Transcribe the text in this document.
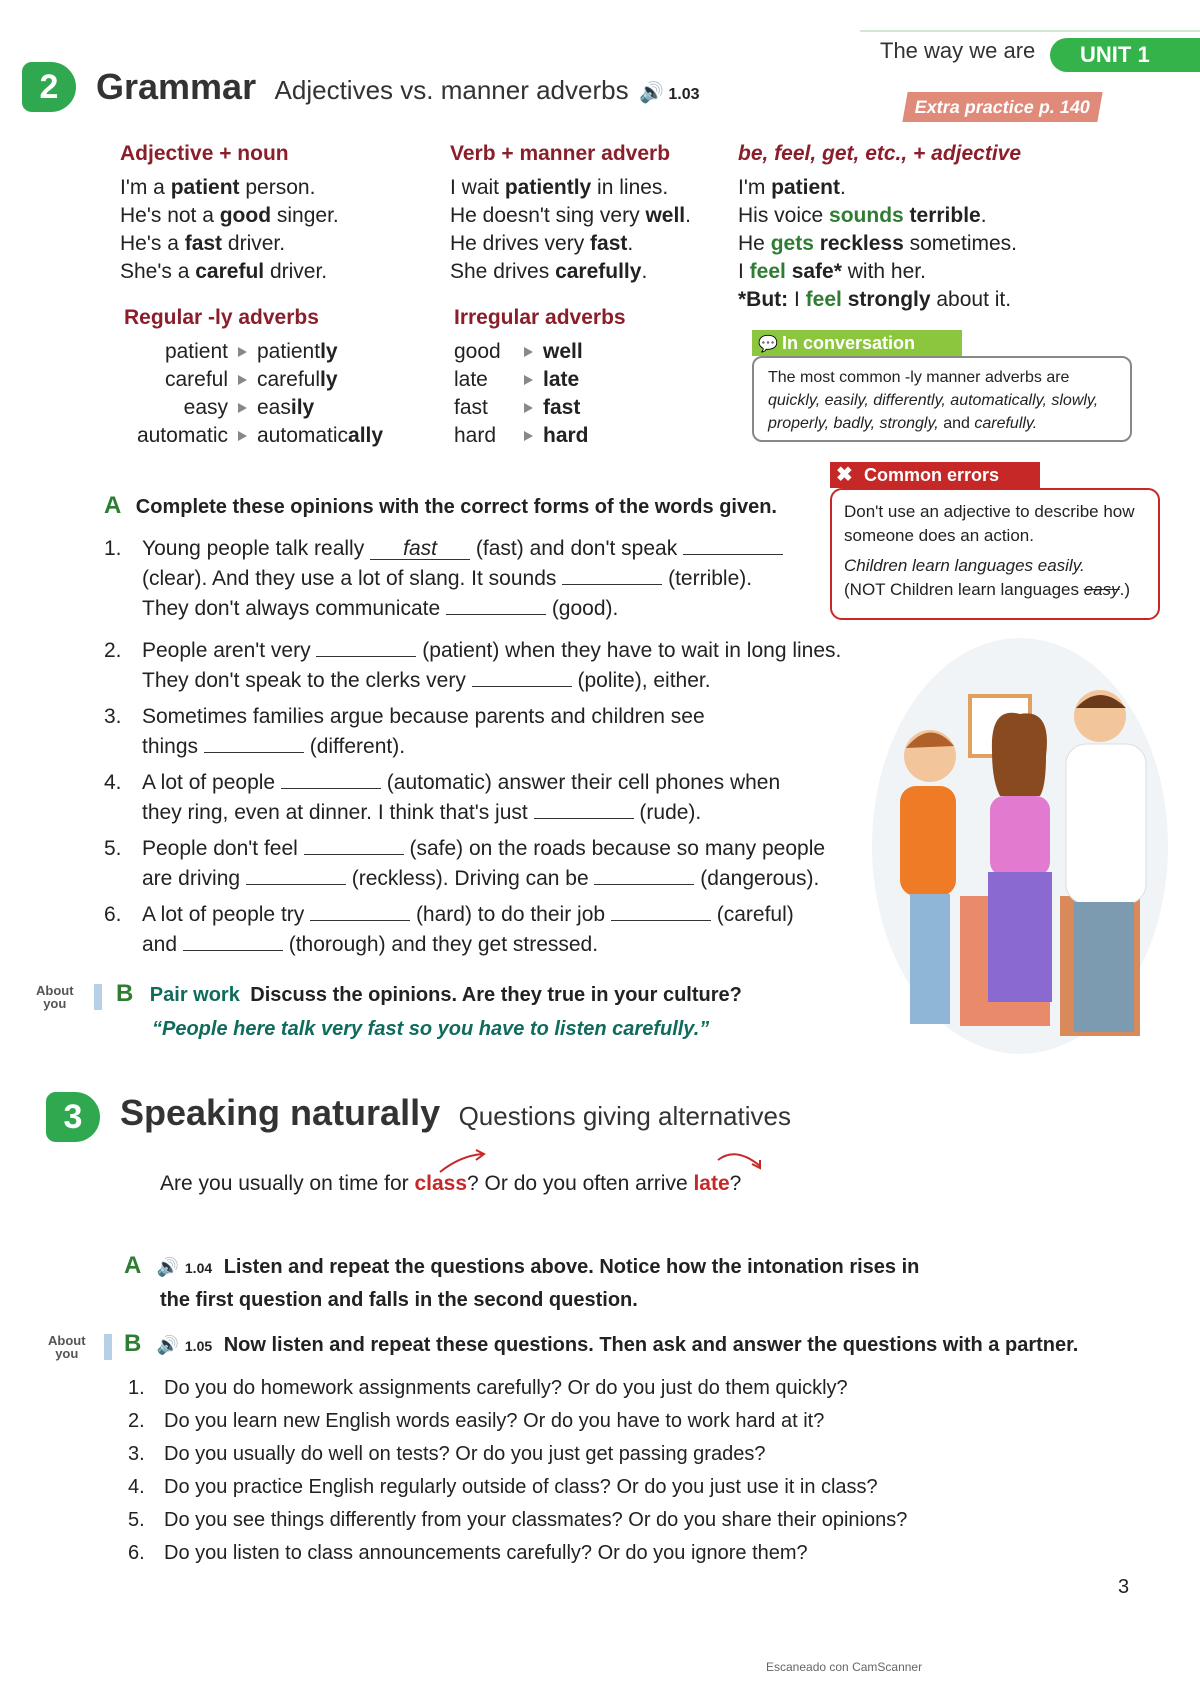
The way we are	UNIT 1
Extra practice p. 140
2	Grammar Adjectives vs. manner adverbs 🔊 1.03
Adjective + noun
I'm a patient person.
He's not a good singer.
He's a fast driver.
She's a careful driver.
Verb + manner adverb
I wait patiently in lines.
He doesn't sing very well.
He drives very fast.
She drives carefully.
be, feel, get, etc., + adjective
I'm patient.
His voice sounds terrible.
He gets reckless sometimes.
I feel safe* with her.
*But: I feel strongly about it.
Regular -ly adverbs
patient patiently
careful carefully
easy easily
automatic automatically
Irregular adverbs
good well
late	late
fast	fast
hard hard
💬 In conversation
The most common -ly manner adverbs are quickly, easily, differently, automatically, slowly, properly, badly, strongly, and carefully.
✖ Common errors
Don't use an adjective to describe how someone does an action.
Children learn languages easily.
(NOT Children learn languages easy.)
A Complete these opinions with the correct forms of the words given.
1. Young people talk really fast (fast) and don't speak
(clear). And they use a lot of slang. It sounds	(terrible).
They don't always communicate	(good).
2. People aren't very	(patient) when they have to wait in long lines.
They don't speak to the clerks very	(polite), either.
3. Sometimes families argue because parents and children see
things	(different).
4. A lot of people	(automatic) answer their cell phones when
they ring, even at dinner. I think that's just	(rude).
5. People don't feel	(safe) on the roads because so many people
are driving	(reckless). Driving can be	(dangerous).
6. A lot of people try	(hard) to do their job	(careful)
and	(thorough) and they get stressed.
About
you	B Pair work Discuss the opinions. Are they true in your culture?
“People here talk very fast so you have to listen carefully.”
3	Speaking naturally Questions giving alternatives
Are you usually on time for class? Or do you often arrive late?
A 🔊 1.04 Listen and repeat the questions above. Notice how the intonation rises in
the first question and falls in the second question.
About
you	B 🔊 1.05 Now listen and repeat these questions. Then ask and answer the questions with a partner.
1. Do you do homework assignments carefully? Or do you just do them quickly?
2. Do you learn new English words easily? Or do you have to work hard at it?
3. Do you usually do well on tests? Or do you just get passing grades?
4. Do you practice English regularly outside of class? Or do you just use it in class?
5. Do you see things differently from your classmates? Or do you share their opinions?
6. Do you listen to class announcements carefully? Or do you ignore them?
3
Escaneado con CamScanner
